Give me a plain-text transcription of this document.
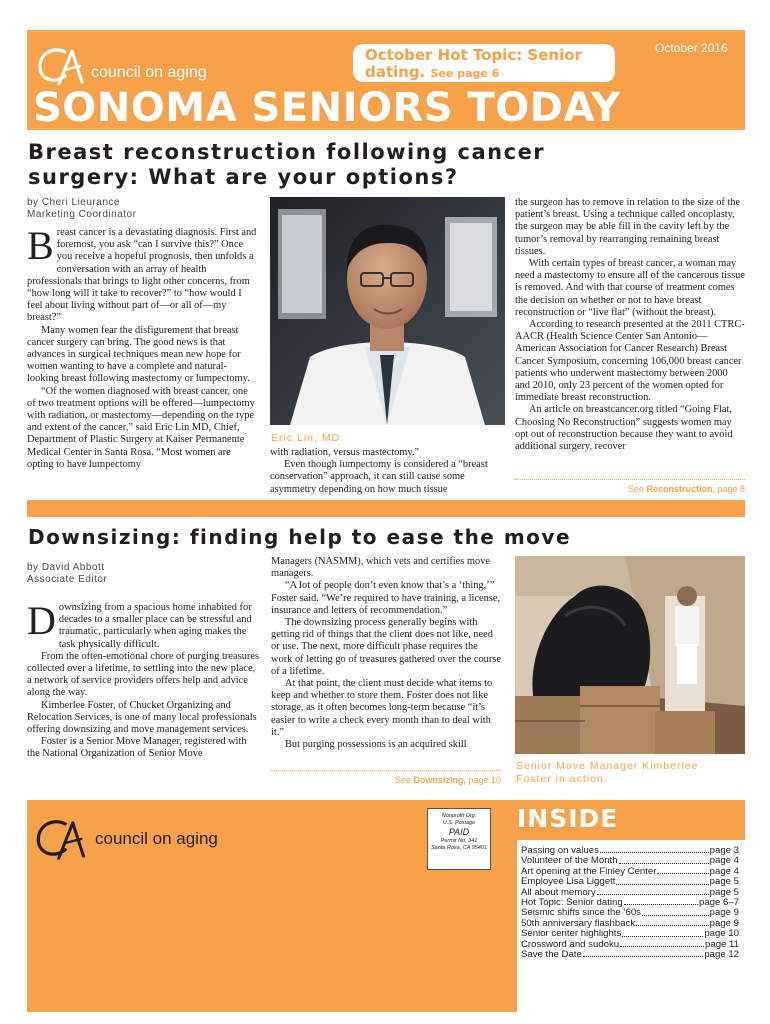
council on aging
October Hot Topic: Senior
dating. See page 6
October 2016
SONOMA SENIORS TODAY
Breast reconstruction following cancer
surgery: What are your options?
by Cheri Lieurance
Marketing Coordinator

Breast cancer is a devastating diagnosis. First and foremost, you ask “can I survive this?” Once you receive a hopeful prognosis, then unfolds a conversation with an array of health professionals that brings to light other concerns, from “how long will it take to recover?” to “how would I feel about living without part of—or all of—my breast?”

Many women fear the disfigurement that breast cancer surgery can bring. The good news is that advances in surgical techniques mean new hope for women wanting to have a complete and natural-looking breast following mastectomy or lumpectomy.

“Of the women diagnosed with breast cancer, one of two treatment options will be offered—lumpectomy with radiation, or mastectomy—depending on the type and extent of the cancer,” said Eric Lin MD, Chief, Department of Plastic Surgery at Kaiser Permanente Medical Center in Santa Rosa. “Most women are opting to have lumpectomy

Eric Lin, MD

with radiation, versus mastectomy.”

Even though lumpectomy is considered a “breast conservation” approach, it can still cause some asymmetry depending on how much tissue

the surgeon has to remove in relation to the size of the patient’s breast. Using a technique called oncoplasty, the surgeon may be able fill in the cavity left by the tumor’s removal by rearranging remaining breast tissues.

With certain types of breast cancer, a woman may need a mastectomy to ensure all of the cancerous tissue is removed. And with that course of treatment comes the decision on whether or not to have breast reconstruction or “live flat” (without the breast).

According to research presented at the 2011 CTRC-AACR (Health Science Center San Antonio—American Association for Cancer Research) Breast Cancer Symposium, concerning 106,000 breast cancer patients who underwent mastectomy between 2000 and 2010, only 23 percent of the women opted for immediate breast reconstruction.

An article on breastcancer.org titled “Going Flat, Choosing No Reconstruction” suggests women may opt out of reconstruction because they want to avoid additional surgery, recover

See Reconstruction, page 8
Downsizing: finding help to ease the move
by David Abbott
Associate Editor

Downsizing from a spacious home inhabited for decades to a smaller place can be stressful and traumatic, particularly when aging makes the task physically difficult.

From the often-emotional chore of purging treasures collected over a lifetime, to settling into the new place, a network of service providers offers help and advice along the way.

Kimberlee Foster, of Chucket Organizing and Relocation Services, is one of many local professionals offering downsizing and move management services.

Foster is a Senior Move Manager, registered with the National Organization of Senior Move

Managers (NASMM), which vets and certifies move managers.

“A lot of people don’t even know that’s a ‘thing,’” Foster said. “We’re required to have training, a license, insurance and letters of recommendation.”

The downsizing process generally begins with getting rid of things that the client does not like, need or use. The next, more difficult phase requires the work of letting go of treasures gathered over the course of a lifetime.

At that point, the client must decide what items to keep and whether to store them. Foster does not like storage, as it often becomes long-term because “it’s easier to write a check every month than to deal with it.”

But purging possessions is an acquired skill

See Downsizing, page 10
Senior Move Manager Kimberlee
Foster in action.
council on aging
Nonprofit Org.
U.S. Postage
PAID
Permit No. 341
Santa Rosa, CA 95401
INSIDE
Passing on values	page 3
Volunteer of the Month	page 4
Art opening at the Finley Center	page 4
Employee Lisa Liggett	page 5
All about memory	page 5
Hot Topic: Senior dating	page 6–7
Seismic shifts since the ’60s	page 9
50th anniversary flashback	page 9
Senior center highlights	page 10
Crossword and sudoku	page 11
Save the Date	page 12
